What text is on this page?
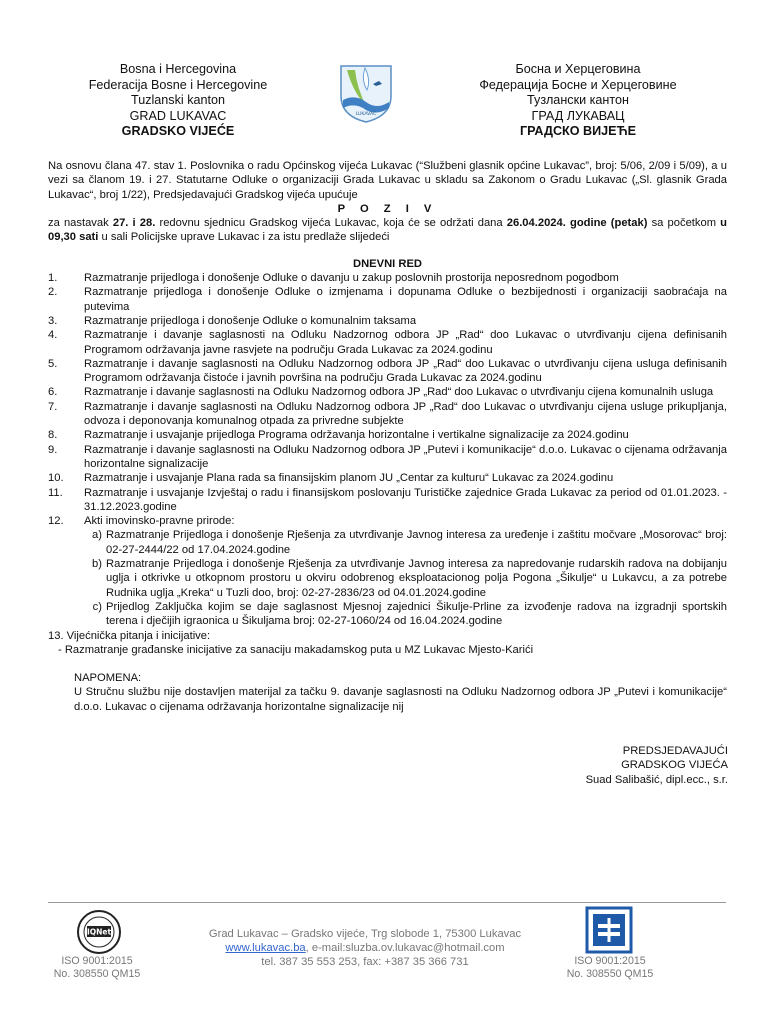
Bosna i Hercegovina
Federacija Bosne i Hercegovine
Tuzlanski kanton
GRAD LUKAVAC
GRADSKO VIJEĆE
LUKAVAC
Босна и Херцеговина
Федерација Босне и Херцеговине
Тузлански кантон
ГРАД ЛУКАВАЦ
ГРАДСКО ВИЈЕЋЕ
Na osnovu člana 47. stav 1. Poslovnika o radu Općinskog vijeća Lukavac (“Službeni glasnik općine Lukavac”, broj: 5/06, 2/09 i 5/09), a u vezi sa članom 19. i 27. Statutarne Odluke o organizaciji Grada Lukavac u skladu sa Zakonom o Gradu Lukavac („Sl. glasnik Grada Lukavac“, broj 1/22), Predsjedavajući Gradskog vijeća upućuje
P O Z I V
za nastavak 27. i 28. redovnu sjednicu Gradskog vijeća Lukavac, koja će se održati dana 26.04.2024. godine (petak) sa početkom u 09,30 sati u sali Policijske uprave Lukavac i za istu predlaže slijedeći
DNEVNI RED
1.	Razmatranje prijedloga i donošenje Odluke o davanju u zakup poslovnih prostorija neposrednom pogodbom
2.	Razmatranje prijedloga i donošenje Odluke o izmjenama i dopunama Odluke o bezbijednosti i organizaciji saobraćaja na putevima
3.	Razmatranje prijedloga i donošenje Odluke o komunalnim taksama
4.	Razmatranje i davanje saglasnosti na Odluku Nadzornog odbora JP „Rad“ doo Lukavac o utvrđivanju cijena definisanih Programom održavanja javne rasvjete na području Grada Lukavac za 2024.godinu
5.	Razmatranje i davanje saglasnosti na Odluku Nadzornog odbora JP „Rad“ doo Lukavac o utvrđivanju cijena usluga definisanih Programom održavanja čistoće i javnih površina na području Grada Lukavac za 2024.godinu
6.	Razmatranje i davanje saglasnosti na Odluku Nadzornog odbora JP „Rad“ doo Lukavac o utvrđivanju cijena komunalnih usluga
7.	Razmatranje i davanje saglasnosti na Odluku Nadzornog odbora JP „Rad“ doo Lukavac o utvrđivanju cijena usluge prikupljanja, odvoza i deponovanja komunalnog otpada za privredne subjekte
8.	Razmatranje i usvajanje prijedloga Programa održavanja horizontalne i vertikalne signalizacije za 2024.godinu
9.	Razmatranje i davanje saglasnosti na Odluku Nadzornog odbora JP „Putevi i komunikacije“ d.o.o. Lukavac o cijenama održavanja horizontalne signalizacije
10.	Razmatranje i usvajanje Plana rada sa finansijskim planom JU „Centar za kulturu“ Lukavac za 2024.godinu
11.	Razmatranje i usvajanje Izvještaj o radu i finansijskom poslovanju Turističke zajednice Grada Lukavac za period od 01.01.2023. - 31.12.2023.godine
12.	Akti imovinsko-pravne prirode:
a) Razmatranje Prijedloga i donošenje Rješenja za utvrđivanje Javnog interesa za uređenje i zaštitu močvare „Mosorovac“ broj: 02-27-2444/22 od 17.04.2024.godine
b) Razmatranje Prijedloga i donošenje Rješenja za utvrđivanje Javnog interesa za napredovanje rudarskih radova na dobijanju uglja i otkrivke u otkopnom prostoru u okviru odobrenog eksploatacionog polja Pogona „Šikulje“ u Lukavcu, a za potrebe Rudnika uglja „Kreka“ u Tuzli doo, broj: 02-27-2836/23 od 04.01.2024.godine
c) Prijedlog Zaključka kojim se daje saglasnost Mjesnoj zajednici Šikulje-Prline za izvođenje radova na izgradnji sportskih terena i dječijih igraonica u Šikuljama broj: 02-27-1060/24 od 16.04.2024.godine
13. Vijećnička pitanja i inicijative:
- Razmatranje građanske inicijative za sanaciju makadamskog puta u MZ Lukavac Mjesto-Karići
NAPOMENA:
U Stručnu službu nije dostavljen materijal za tačku 9. davanje saglasnosti na Odluku Nadzornog odbora JP „Putevi i komunikacije“ d.o.o. Lukavac o cijenama održavanja horizontalne signalizacije nij
PREDSJEDAVAJUĆI
GRADSKOG VIJEĆA
Suad Salibašić, dipl.ecc., s.r.
IQNet	Grad Lukavac – Gradsko vijeće, Trg slobode 1, 75300 Lukavac
www.lukavac.ba, e-mail:sluzba.ov.lukavac@hotmail.com
tel. 387 35 553 253, fax: +387 35 366 731
ISO 9001:2015
No. 308550 QM15
ISO 9001:2015
No. 308550 QM15
